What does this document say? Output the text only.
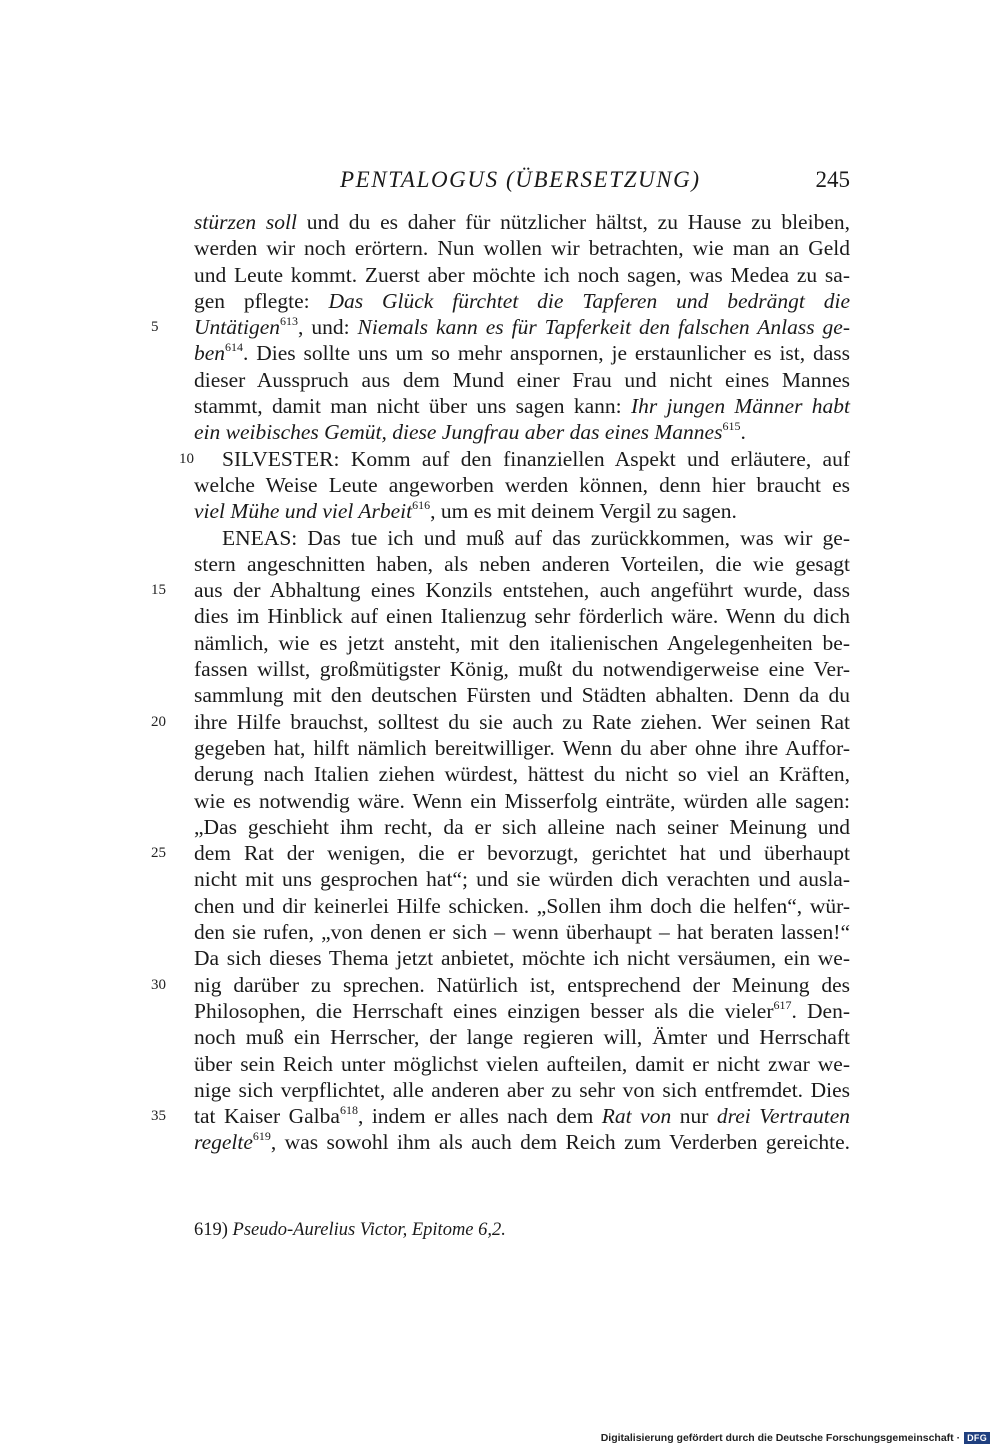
PENTALOGUS (ÜBERSETZUNG)	245
stürzen soll und du es daher für nützlicher hältst, zu Hause zu bleiben,
werden wir noch erörtern. Nun wollen wir betrachten, wie man an Geld
und Leute kommt. Zuerst aber möchte ich noch sagen, was Medea zu sa-
gen pflegte: Das Glück fürchtet die Tapferen und bedrängt die
5	Untätigen$^{613}$, und: Niemals kann es für Tapferkeit den falschen Anlass ge-
ben$^{614}$. Dies sollte uns um so mehr anspornen, je erstaunlicher es ist, dass
dieser Ausspruch aus dem Mund einer Frau und nicht eines Mannes
stammt, damit man nicht über uns sagen kann: Ihr jungen Männer habt
ein weibisches Gemüt, diese Jungfrau aber das eines Mannes$^{615}$.
10 SILVESTER: Komm auf den finanziellen Aspekt und erläutere, auf
welche Weise Leute angeworben werden können, denn hier braucht es
viel Mühe und viel Arbeit$^{616}$, um es mit deinem Vergil zu sagen.
ENEAS: Das tue ich und muß auf das zurückkommen, was wir ge-
stern angeschnitten haben, als neben anderen Vorteilen, die wie gesagt
15	aus der Abhaltung eines Konzils entstehen, auch angeführt wurde, dass
dies im Hinblick auf einen Italienzug sehr förderlich wäre. Wenn du dich
nämlich, wie es jetzt ansteht, mit den italienischen Angelegenheiten be-
fassen willst, großmütigster König, mußt du notwendigerweise eine Ver-
sammlung mit den deutschen Fürsten und Städten abhalten. Denn da du
20	ihre Hilfe brauchst, solltest du sie auch zu Rate ziehen. Wer seinen Rat
gegeben hat, hilft nämlich bereitwilliger. Wenn du aber ohne ihre Auffor-
derung nach Italien ziehen würdest, hättest du nicht so viel an Kräften,
wie es notwendig wäre. Wenn ein Misserfolg einträte, würden alle sagen:
„Das geschieht ihm recht, da er sich alleine nach seiner Meinung und
25	dem Rat der wenigen, die er bevorzugt, gerichtet hat und überhaupt
nicht mit uns gesprochen hat“; und sie würden dich verachten und ausla-
chen und dir keinerlei Hilfe schicken. „Sollen ihm doch die helfen“, wür-
den sie rufen, „von denen er sich – wenn überhaupt – hat beraten lassen!“
Da sich dieses Thema jetzt anbietet, möchte ich nicht versäumen, ein we-
30	nig darüber zu sprechen. Natürlich ist, entsprechend der Meinung des
Philosophen, die Herrschaft eines einzigen besser als die vieler$^{617}$. Den-
noch muß ein Herrscher, der lange regieren will, Ämter und Herrschaft
über sein Reich unter möglichst vielen aufteilen, damit er nicht zwar we-
nige sich verpflichtet, alle anderen aber zu sehr von sich entfremdet. Dies
35	tat Kaiser Galba$^{618}$, indem er alles nach dem Rat von nur drei Vertrauten
regelte$^{619}$, was sowohl ihm als auch dem Reich zum Verderben gereichte.
619) Pseudo-Aurelius Victor, Epitome 6,2.
Digitalisierung gefördert durch die Deutsche Forschungsgemeinschaft · DFG
